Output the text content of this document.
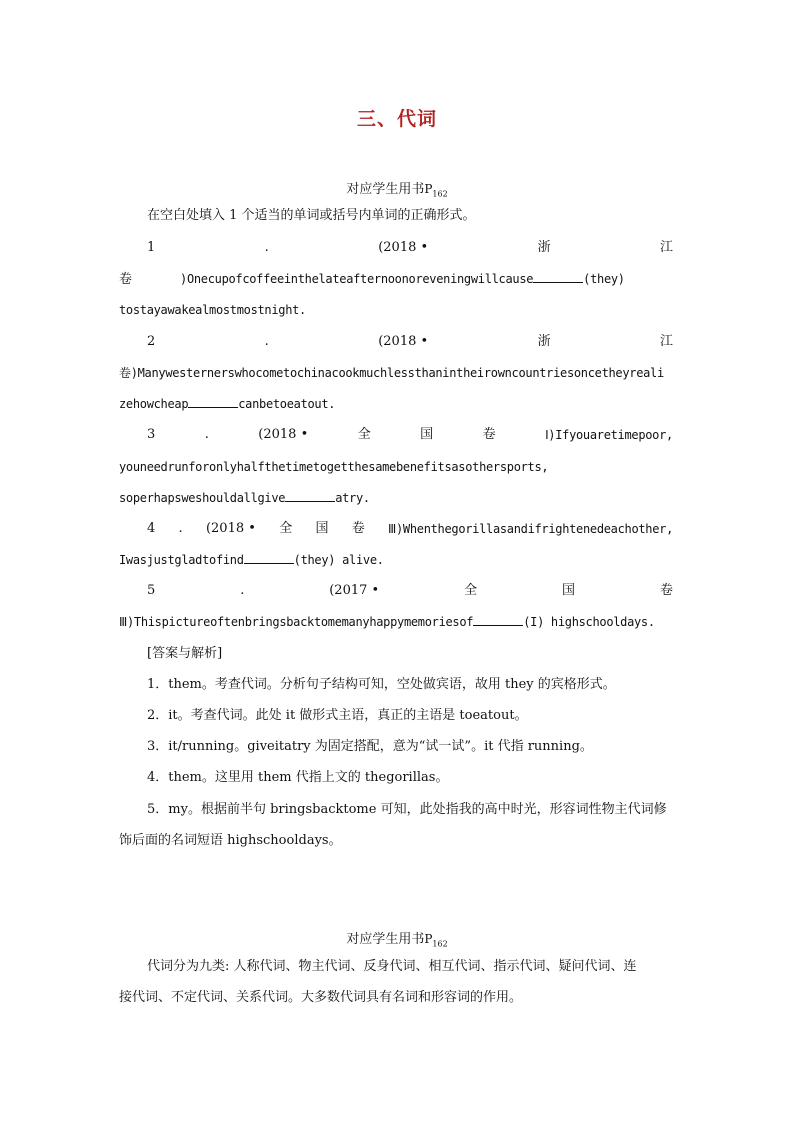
三、代词
对应学生用书$P_{162}$
在空白处填入 1 个适当的单词或括号内单词的正确形式。
1	.	(2018 •	浙	江
卷	)Onecupofcoffeeinthelateafternoonoreveningwillcause	(they)
tostayawakealmostmostnight.
2	.	(2018 •	浙	江
卷)Manywesternerswhocometochinacookmuchlessthanintheirowncountriesoncetheyreali
zehowcheap	canbetoeatout.
3	.	(2018 •	全	国	卷	Ⅰ)Ifyouaretimepoor,
youneedrunforonlyhalfthetimetogetthesamebenefitsasothersports,
soperhapsweshouldallgive	atry.
4 . (2018 • 全 国 卷 Ⅲ)Whenthegorillasandifrightenedeachother,
Iwasjustgladtofind	(they) alive.
5	.	(2017 •	全	国	卷
Ⅲ)Thispictureoftenbringsbacktomemanyhappymemoriesof	(I) highschooldays.
[答案与解析]
1．them。考查代词。分析句子结构可知，空处做宾语，故用 they 的宾格形式。
2．it。考查代词。此处 it 做形式主语，真正的主语是 toeatout。
3．it/running。giveitatry 为固定搭配，意为“试一试”。it 代指 running。
4．them。这里用 them 代指上文的 thegorillas。
5．my。根据前半句 bringsbacktome 可知，此处指我的高中时光，形容词性物主代词修
饰后面的名词短语 highschooldays。
对应学生用书$P_{162}$
代词分为九类: 人称代词、物主代词、反身代词、相互代词、指示代词、疑问代词、连
接代词、不定代词、关系代词。大多数代词具有名词和形容词的作用。
